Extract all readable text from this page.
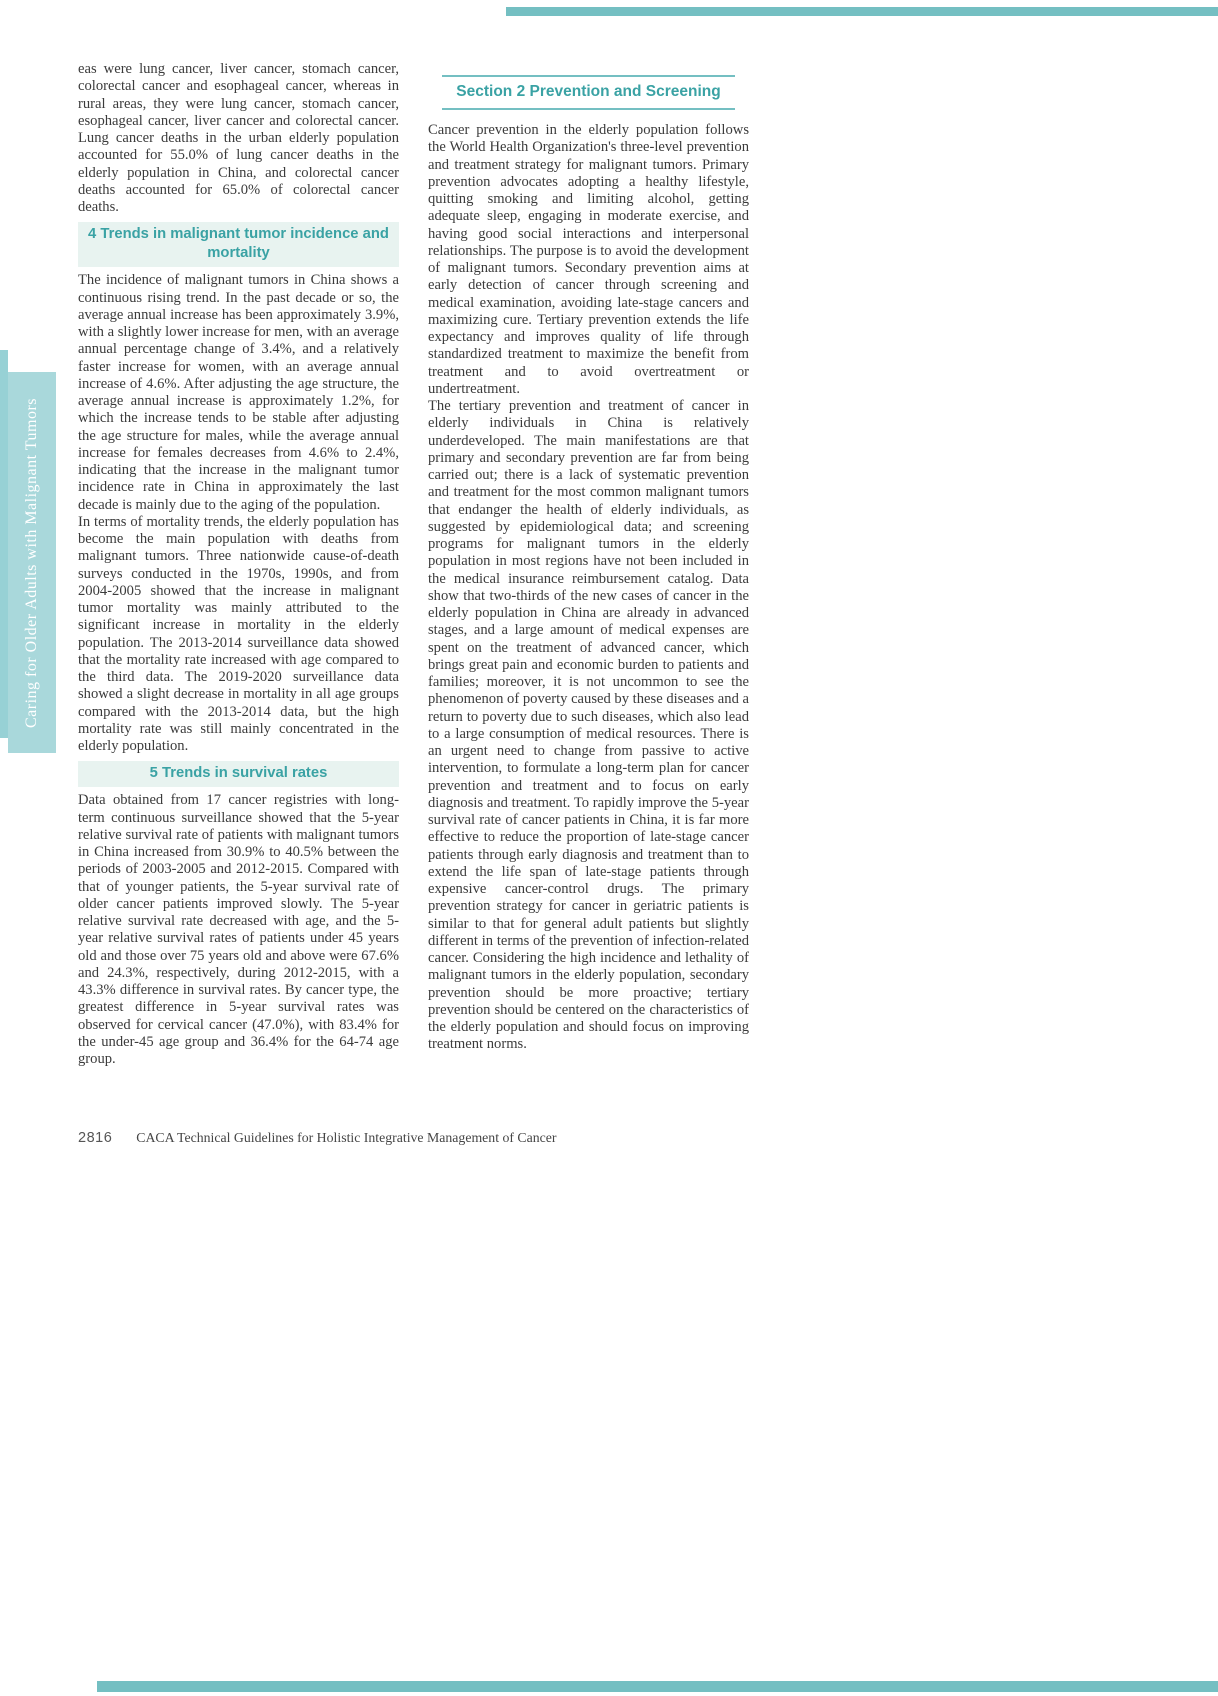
Caring for Older Adults with Malignant Tumors

eas were lung cancer, liver cancer, stomach cancer, colorectal cancer and esophageal cancer, whereas in rural areas, they were lung cancer, stomach cancer, esophageal cancer, liver cancer and colorectal cancer. Lung cancer deaths in the urban elderly population accounted for 55.0% of lung cancer deaths in the elderly population in China, and colorectal cancer deaths accounted for 65.0% of colorectal cancer deaths.

4 Trends in malignant tumor incidence and mortality

The incidence of malignant tumors in China shows a continuous rising trend. In the past decade or so, the average annual increase has been approximately 3.9%, with a slightly lower increase for men, with an average annual percentage change of 3.4%, and a relatively faster increase for women, with an average annual increase of 4.6%. After adjusting the age structure, the average annual increase is approximately 1.2%, for which the increase tends to be stable after adjusting the age structure for males, while the average annual increase for females decreases from 4.6% to 2.4%, indicating that the increase in the malignant tumor incidence rate in China in approximately the last decade is mainly due to the aging of the population.

In terms of mortality trends, the elderly population has become the main population with deaths from malignant tumors. Three nationwide cause-of-death surveys conducted in the 1970s, 1990s, and from 2004-2005 showed that the increase in malignant tumor mortality was mainly attributed to the significant increase in mortality in the elderly population. The 2013-2014 surveillance data showed that the mortality rate increased with age compared to the third data. The 2019-2020 surveillance data showed a slight decrease in mortality in all age groups compared with the 2013-2014 data, but the high mortality rate was still mainly concentrated in the elderly population.

5 Trends in survival rates

Data obtained from 17 cancer registries with long-term continuous surveillance showed that the 5-year relative survival rate of patients with malignant tumors in China increased from 30.9% to 40.5% between the periods of 2003-2005 and 2012-2015. Compared with that of younger patients, the 5-year survival rate of older cancer patients improved slowly. The 5-year relative survival rate decreased with age, and the 5-year relative survival rates of patients under 45 years old and those over 75 years old and above were 67.6% and 24.3%, respectively, during 2012-2015, with a 43.3% difference in survival rates. By cancer type, the greatest difference in 5-year survival rates was observed for cervical cancer (47.0%), with 83.4% for the under-45 age group and 36.4% for the 64-74 age group.

Section 2 Prevention and Screening

Cancer prevention in the elderly population follows the World Health Organization's three-level prevention and treatment strategy for malignant tumors. Primary prevention advocates adopting a healthy lifestyle, quitting smoking and limiting alcohol, getting adequate sleep, engaging in moderate exercise, and having good social interactions and interpersonal relationships. The purpose is to avoid the development of malignant tumors. Secondary prevention aims at early detection of cancer through screening and medical examination, avoiding late-stage cancers and maximizing cure. Tertiary prevention extends the life expectancy and improves quality of life through standardized treatment to maximize the benefit from treatment and to avoid overtreatment or undertreatment.

The tertiary prevention and treatment of cancer in elderly individuals in China is relatively underdeveloped. The main manifestations are that primary and secondary prevention are far from being carried out; there is a lack of systematic prevention and treatment for the most common malignant tumors that endanger the health of elderly individuals, as suggested by epidemiological data; and screening programs for malignant tumors in the elderly population in most regions have not been included in the medical insurance reimbursement catalog. Data show that two-thirds of the new cases of cancer in the elderly population in China are already in advanced stages, and a large amount of medical expenses are spent on the treatment of advanced cancer, which brings great pain and economic burden to patients and families; moreover, it is not uncommon to see the phenomenon of poverty caused by these diseases and a return to poverty due to such diseases, which also lead to a large consumption of medical resources. There is an urgent need to change from passive to active intervention, to formulate a long-term plan for cancer prevention and treatment and to focus on early diagnosis and treatment. To rapidly improve the 5-year survival rate of cancer patients in China, it is far more effective to reduce the proportion of late-stage cancer patients through early diagnosis and treatment than to extend the life span of late-stage patients through expensive cancer-control drugs. The primary prevention strategy for cancer in geriatric patients is similar to that for general adult patients but slightly different in terms of the prevention of infection-related cancer. Considering the high incidence and lethality of malignant tumors in the elderly population, secondary prevention should be more proactive; tertiary prevention should be centered on the characteristics of the elderly population and should focus on improving treatment norms.

2816 CACA Technical Guidelines for Holistic Integrative Management of Cancer
